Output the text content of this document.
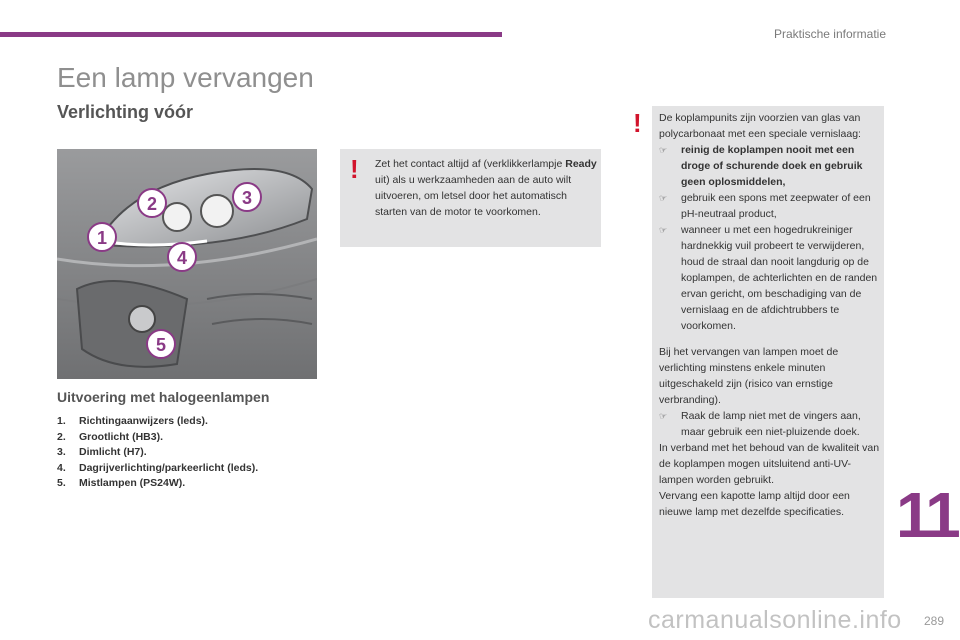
Praktische informatie
Een lamp vervangen
Verlichting vóór
1
2	3
4
5
Uitvoering met halogeenlampen
1.	Richtingaanwijzers (leds).
2.	Grootlicht (HB3).
3.	Dimlicht (H7).
4.	Dagrijverlichting/parkeerlicht (leds).
5.	Mistlampen (PS24W).
! Zet het contact altijd af (verklikkerlampje Ready uit) als u werkzaamheden aan de auto wilt uitvoeren, om letsel door het automatisch starten van de motor te voorkomen.
! De koplampunits zijn voorzien van glas van polycarbonaat met een speciale vernislaag:

☞	reinig de koplampen nooit met een droge of schurende doek en gebruik geen oplosmiddelen,
☞	gebruik een spons met zeepwater of een pH-neutraal product,
☞	wanneer u met een hogedrukreiniger hardnekkig vuil probeert te verwijderen, houd de straal dan nooit langdurig op de koplampen, de achterlichten en de randen ervan gericht, om beschadiging van de vernislaag en de afdichtrubbers te voorkomen.

Bij het vervangen van lampen moet de verlichting minstens enkele minuten uitgeschakeld zijn (risico van ernstige verbranding).

☞	Raak de lamp niet met de vingers aan, maar gebruik een niet-pluizende doek.

In verband met het behoud van de kwaliteit van de koplampen mogen uitsluitend anti-UV-lampen worden gebruikt.

Vervang een kapotte lamp altijd door een nieuwe lamp met dezelfde specificaties. 11
carmanualsonline.info 289
